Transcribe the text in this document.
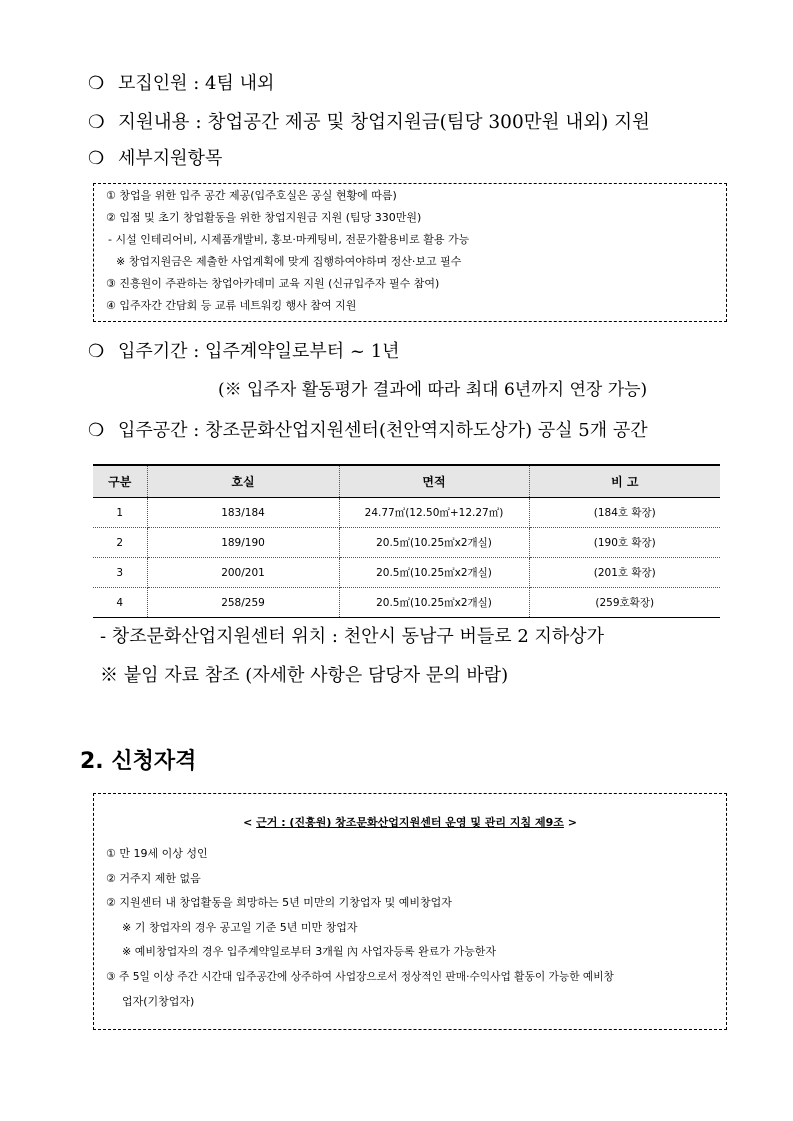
❍ 모집인원 : 4팀 내외
❍ 지원내용 : 창업공간 제공 및 창업지원금(팀당 300만원 내외) 지원
❍ 세부지원항목
① 창업을 위한 입주 공간 제공(입주호실은 공실 현황에 따름)
② 입점 및 초기 창업활동을 위한 창업지원금 지원 (팀당 330만원)
- 시설 인테리어비, 시제품개발비, 홍보·마케팅비, 전문가활용비로 활용 가능
※ 창업지원금은 제출한 사업계획에 맞게 집행하여야하며 정산·보고 필수
③ 진흥원이 주관하는 창업아카데미 교육 지원 (신규입주자 필수 참여)
④ 입주자간 간담회 등 교류 네트워킹 행사 참여 지원
❍ 입주기간 : 입주계약일로부터 ~ 1년
(※ 입주자 활동평가 결과에 따라 최대 6년까지 연장 가능)
❍ 입주공간 : 창조문화산업지원센터(천안역지하도상가) 공실 5개 공간
구분	호실	면적	비 고
1	183/184	24.77㎡(12.50㎡+12.27㎡)	(184호 확장)
2	189/190	20.5㎡(10.25㎡x2개실)	(190호 확장)
3	200/201	20.5㎡(10.25㎡x2개실)	(201호 확장)
4	258/259	20.5㎡(10.25㎡x2개실)	(259호확장)
- 창조문화산업지원센터 위치 : 천안시 동남구 버들로 2 지하상가
※ 붙임 자료 참조 (자세한 사항은 담당자 문의 바람)
2. 신청자격
< 근거 : (진흥원) 창조문화산업지원센터 운영 및 관리 지침 제9조 >
① 만 19세 이상 성인
② 거주지 제한 없음
② 지원센터 내 창업활동을 희망하는 5년 미만의 기창업자 및 예비창업자
※ 기 창업자의 경우 공고일 기준 5년 미만 창업자
※ 예비창업자의 경우 입주계약일로부터 3개월 內 사업자등록 완료가 가능한자
③ 주 5일 이상 주간 시간대 입주공간에 상주하여 사업장으로서 정상적인 판매·수익사업 활동이 가능한 예비창
업자(기창업자)
